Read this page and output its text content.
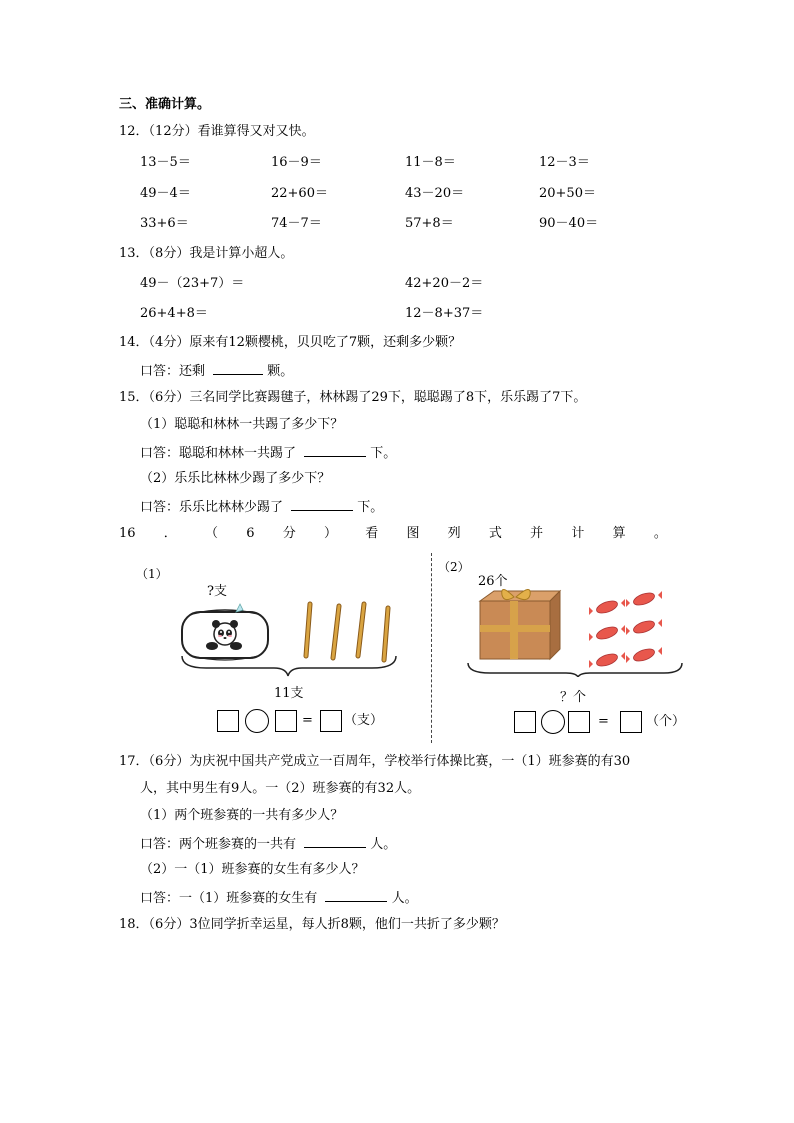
三、准确计算。
12．（12分）看谁算得又对又快。
13－5＝	16－9＝	11－8＝	12－3＝
49－4＝	22+60＝	43－20＝	20+50＝
33+6＝	74－7＝	57+8＝	90－40＝
13．（8分）我是计算小超人。
49－（23+7）＝	42+20－2＝
26+4+8＝	12－8+37＝
14．（4分）原来有12颗樱桃，贝贝吃了7颗，还剩多少颗？
口答：还剩	颗。
15．（6分）三名同学比赛踢毽子，林林踢了29下，聪聪踢了8下，乐乐踢了7下。
（1）聪聪和林林一共踢了多少下？
口答：聪聪和林林一共踢了	下。
（2）乐乐比林林少踢了多少下？
口答：乐乐比林林少踢了	下。
16 ． （ 6 分 ） 看 图 列 式 并 计 算 。
（1）
?支
11支
= （支）
（2）
26个
？个
=	（个）
17．（6分）为庆祝中国共产党成立一百周年，学校举行体操比赛，一（1）班参赛的有30
人，其中男生有9人。一（2）班参赛的有32人。
（1）两个班参赛的一共有多少人？
口答：两个班参赛的一共有	人。
（2）一（1）班参赛的女生有多少人？
口答：一（1）班参赛的女生有	人。
18．（6分）3位同学折幸运星，每人折8颗，他们一共折了多少颗？
